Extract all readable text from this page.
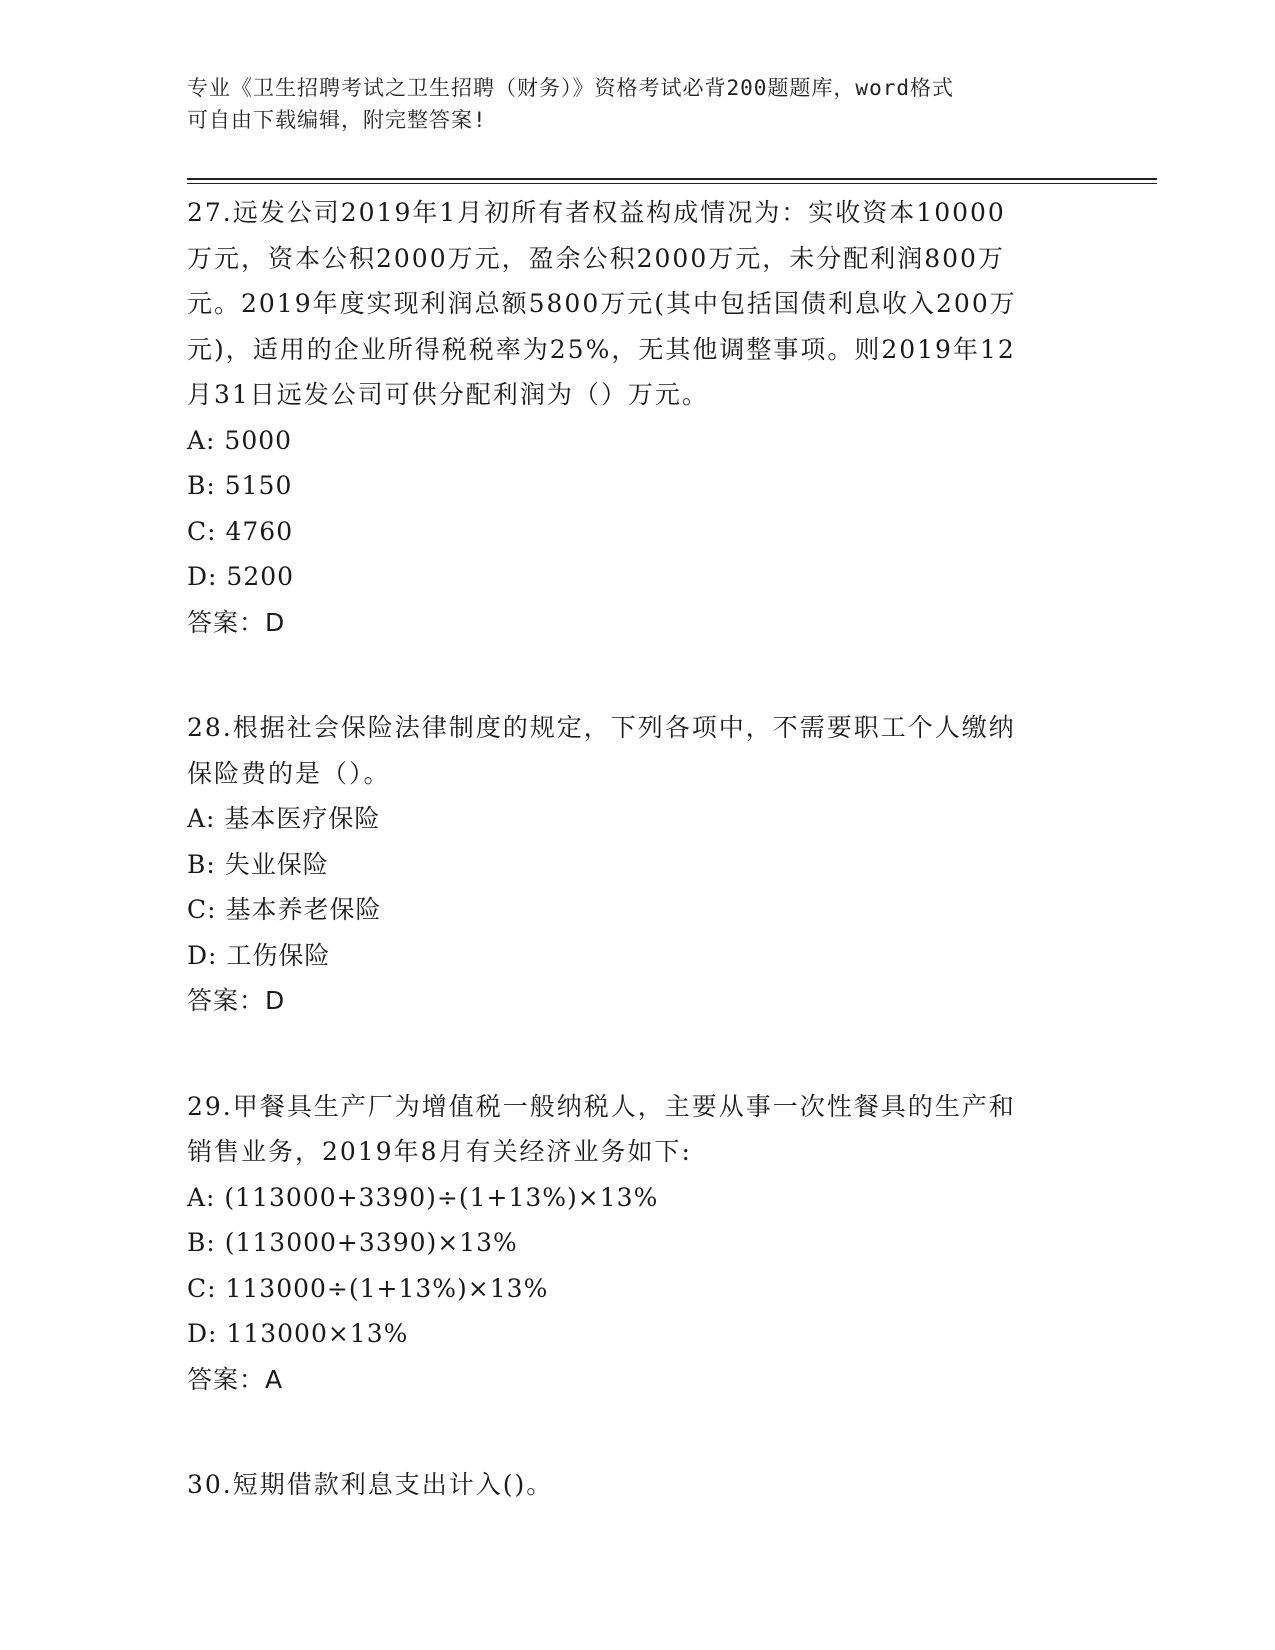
专业《卫生招聘考试之卫生招聘（财务）》资格考试必背200题题库，word格式
可自由下载编辑，附完整答案!
27.远发公司2019年1月初所有者权益构成情况为：实收资本10000
万元，资本公积2000万元，盈余公积2000万元，未分配利润800万
元。2019年度实现利润总额5800万元(其中包括国债利息收入200万
元)，适用的企业所得税税率为25%，无其他调整事项。则2019年12
月31日远发公司可供分配利润为（）万元。
A: 5000
B: 5150
C: 4760
D: 5200
答案：D
28.根据社会保险法律制度的规定，下列各项中，不需要职工个人缴纳
保险费的是（）。
A: 基本医疗保险
B: 失业保险
C: 基本养老保险
D: 工伤保险
答案：D
29.甲餐具生产厂为增值税一般纳税人，主要从事一次性餐具的生产和
销售业务，2019年8月有关经济业务如下:
A: (113000+3390)÷(1+13%)×13%
B: (113000+3390)×13%
C: 113000÷(1+13%)×13%
D: 113000×13%
答案：A
30.短期借款利息支出计入()。
